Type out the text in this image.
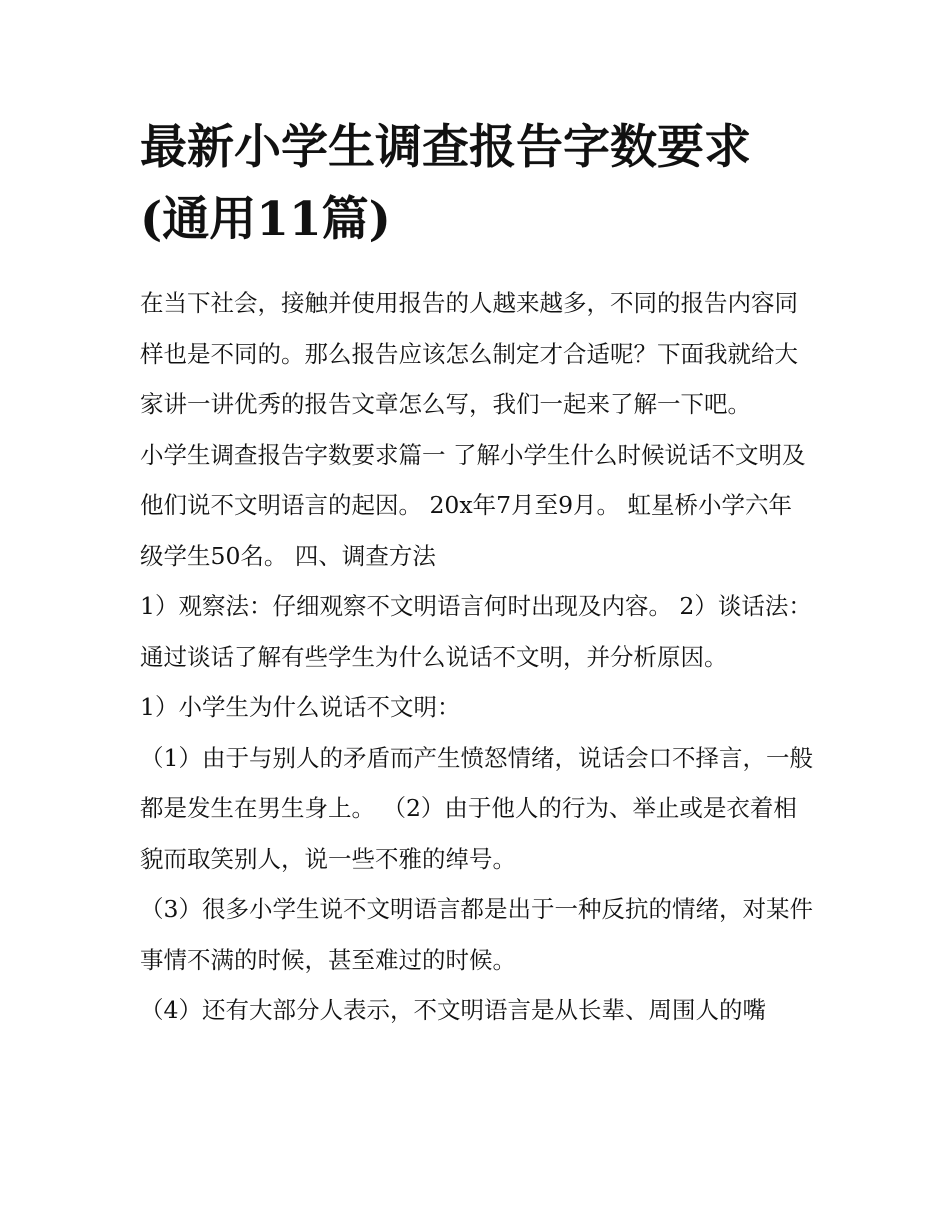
最新小学生调查报告字数要求(通用11篇)

在当下社会，接触并使用报告的人越来越多，不同的报告内容同样也是不同的。那么报告应该怎么制定才合适呢？下面我就给大家讲一讲优秀的报告文章怎么写，我们一起来了解一下吧。

小学生调查报告字数要求篇一 了解小学生什么时候说话不文明及他们说不文明语言的起因。 20x年7月至9月。 虹星桥小学六年级学生50名。 四、调查方法

1）观察法：仔细观察不文明语言何时出现及内容。 2）谈话法：通过谈话了解有些学生为什么说话不文明，并分析原因。

1）小学生为什么说话不文明：

（1）由于与别人的矛盾而产生愤怒情绪，说话会口不择言，一般都是发生在男生身上。 （2）由于他人的行为、举止或是衣着相貌而取笑别人，说一些不雅的绰号。

（3）很多小学生说不文明语言都是出于一种反抗的情绪，对某件事情不满的时候，甚至难过的时候。

（4）还有大部分人表示，不文明语言是从长辈、周围人的嘴
